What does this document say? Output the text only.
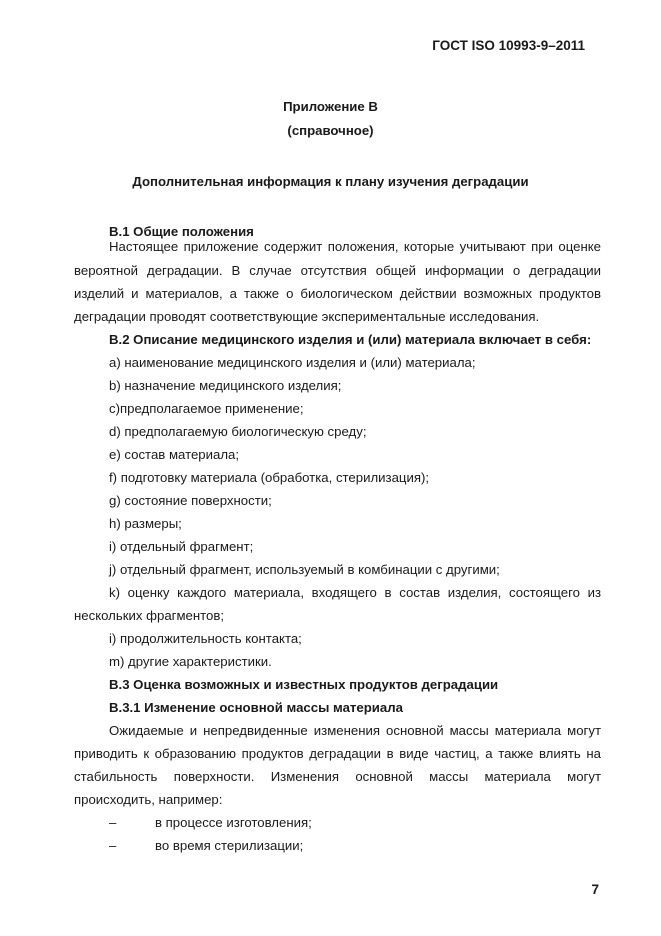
ГОСТ ISO 10993-9–2011
Приложение В
(справочное)
Дополнительная информация к плану изучения деградации
В.1 Общие положения
Настоящее приложение содержит положения, которые учитывают при оценке
вероятной деградации. В случае отсутствия общей информации о деградации
изделий и материалов, а также о биологическом действии возможных продуктов
деградации проводят соответствующие экспериментальные исследования.
В.2 Описание медицинского изделия и (или) материала включает в себя:
а) наименование медицинского изделия и (или) материала;
b) назначение медицинского изделия;
c)предполагаемое применение;
d) предполагаемую биологическую среду;
e) состав материала;
f) подготовку материала (обработка, стерилизация);
g) состояние поверхности;
h) размеры;
i) отдельный фрагмент;
j) отдельный фрагмент, используемый в комбинации с другими;
k) оценку каждого материала, входящего в состав изделия, состоящего из
нескольких фрагментов;
i) продолжительность контакта;
m) другие характеристики.
В.3 Оценка возможных и известных продуктов деградации
В.3.1 Изменение основной массы материала
Ожидаемые и непредвиденные изменения основной массы материала могут
приводить к образованию продуктов деградации в виде частиц, а также влиять на
стабильность поверхности. Изменения основной массы материала могут
происходить, например:
–	в процессе изготовления;
–	во время стерилизации;
7
